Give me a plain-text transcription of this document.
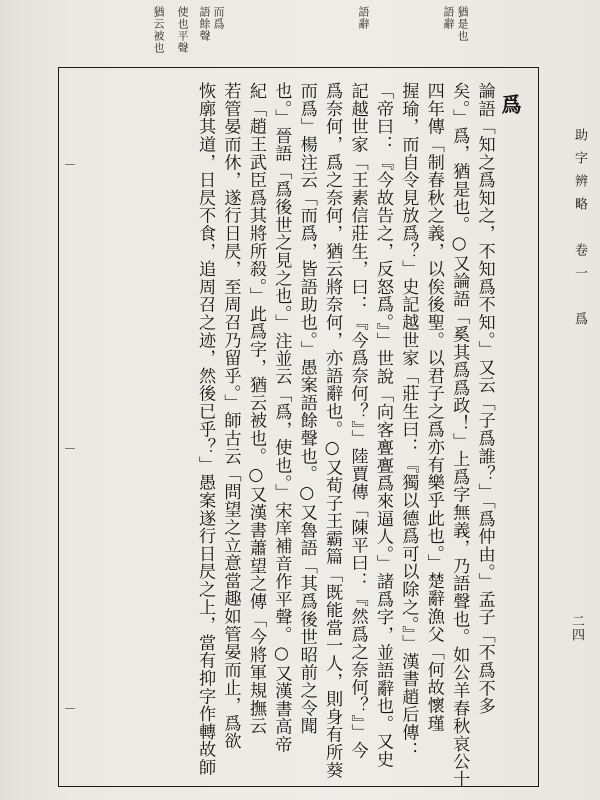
猶是也
語辭
語辭
而爲
語餘聲
使也平聲
猶云被也
助字辨略　卷一　爲
二四
爲
論語「知之爲知之，不知爲不知。」又云「子爲誰？」「爲仲由。」孟子「不爲不多
矣。」爲，猶是也。○又論語「奚其爲爲政！」上爲字無義，乃語聲也。如公羊春秋哀公十
四年傳「制春秋之義，以俟後聖。以君子之爲亦有樂乎此也。」楚辭漁父「何故懷瑾
握瑜，而自令見放爲？」史記越世家「莊生曰：『獨以德爲可以除之。』」漢書趙后傳：
「帝曰：『今故告之，反怒爲。』」世說「向客亹亹爲來逼人。」諸爲字，並語辭也。又史
記越世家「王素信莊生，曰：『今爲奈何？』」陸賈傳「陳平曰：『然爲之奈何？』」今
爲奈何，爲之奈何，猶云將奈何，亦語辭也。○又荀子王霸篇「既能當一人，則身有所葵
而爲」楊注云「而爲，皆語助也。」愚案語餘聲也。○又魯語「其爲後世昭前之令聞
也。」晉語「爲後世之見之也。」注並云「爲，使也。」宋庠補音作平聲。○又漢書高帝
紀「趙王武臣爲其將所殺。」此爲字，猶云被也。○又漢書蕭望之傳「今將軍規撫云
若管晏而休，遂行日昃，至周召乃留乎。」師古云「問望之立意當趣如管晏而止，爲欲
恢廓其道，日昃不食，追周召之迹，然後已乎？」愚案遂行日昃之上，當有抑字作轉故師
